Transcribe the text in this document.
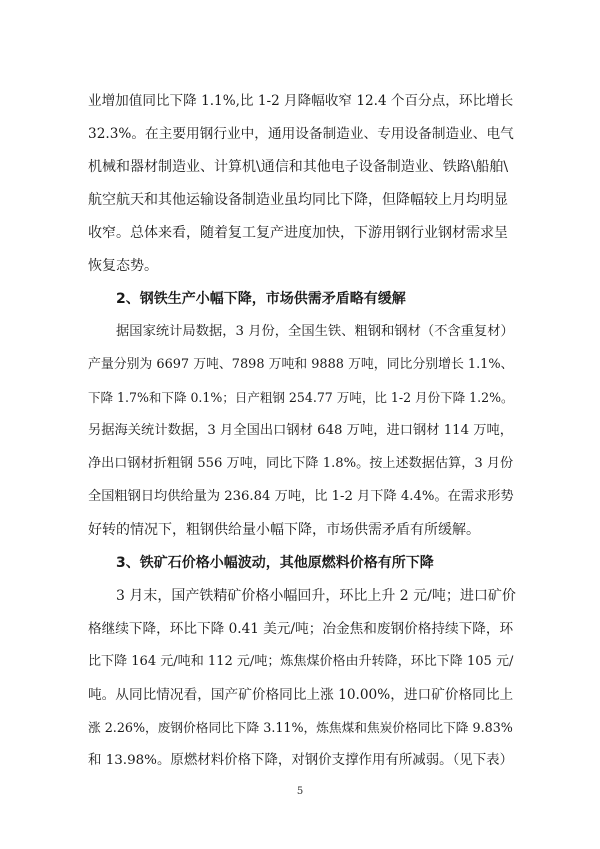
业增加值同比下降 1.1%,比 1-2 月降幅收窄 12.4 个百分点，环比增长
32.3%。在主要用钢行业中，通用设备制造业、专用设备制造业、电气
机械和器材制造业、计算机\通信和其他电子设备制造业、铁路\船舶\
航空航天和其他运输设备制造业虽均同比下降，但降幅较上月均明显
收窄。总体来看，随着复工复产进度加快，下游用钢行业钢材需求呈
恢复态势。
2、钢铁生产小幅下降，市场供需矛盾略有缓解
据国家统计局数据，3 月份，全国生铁、粗钢和钢材（不含重复材）
产量分别为 6697 万吨、7898 万吨和 9888 万吨，同比分别增长 1.1%、
下降 1.7%和下降 0.1%；日产粗钢 254.77 万吨，比 1-2 月份下降 1.2%。
另据海关统计数据，3 月全国出口钢材 648 万吨，进口钢材 114 万吨，
净出口钢材折粗钢 556 万吨，同比下降 1.8%。按上述数据估算，3 月份
全国粗钢日均供给量为 236.84 万吨，比 1-2 月下降 4.4%。在需求形势
好转的情况下，粗钢供给量小幅下降，市场供需矛盾有所缓解。
3、铁矿石价格小幅波动，其他原燃料价格有所下降
3 月末，国产铁精矿价格小幅回升，环比上升 2 元/吨；进口矿价
格继续下降，环比下降 0.41 美元/吨；冶金焦和废钢价格持续下降，环
比下降 164 元/吨和 112 元/吨；炼焦煤价格由升转降，环比下降 105 元/
吨。从同比情况看，国产矿价格同比上涨 10.00%，进口矿价格同比上
涨 2.26%，废钢价格同比下降 3.11%，炼焦煤和焦炭价格同比下降 9.83%
和 13.98%。原燃材料价格下降，对钢价支撑作用有所减弱。（见下表）
5
